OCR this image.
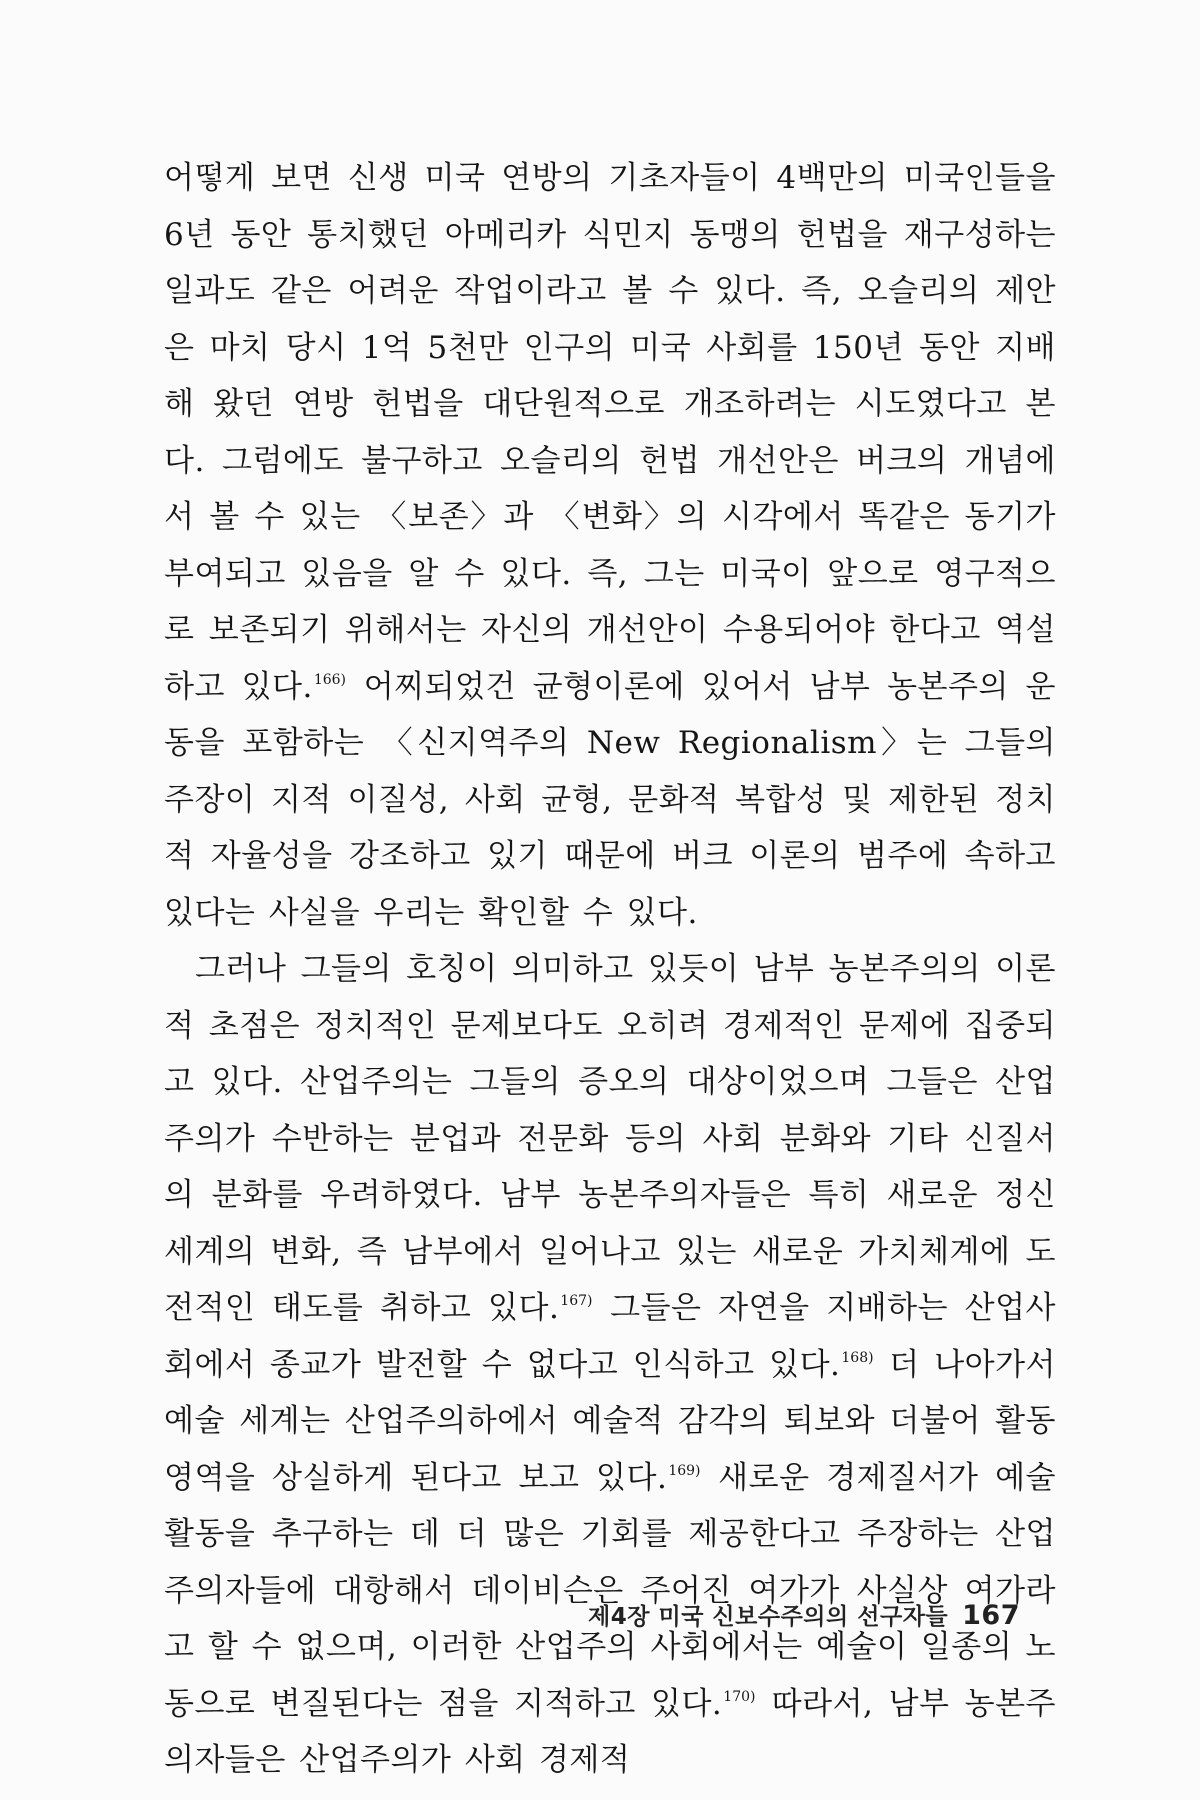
어떻게 보면 신생 미국 연방의 기초자들이 4백만의 미국인들을 6년 동안 통치했던 아메리카 식민지 동맹의 헌법을 재구성하는 일과도 같은 어려운 작업이라고 볼 수 있다. 즉, 오슬리의 제안은 마치 당시 1억 5천만 인구의 미국 사회를 150년 동안 지배해 왔던 연방 헌법을 대단원적으로 개조하려는 시도였다고 본다. 그럼에도 불구하고 오슬리의 헌법 개선안은 버크의 개념에서 볼 수 있는 〈보존〉과 〈변화〉의 시각에서 똑같은 동기가 부여되고 있음을 알 수 있다. 즉, 그는 미국이 앞으로 영구적으로 보존되기 위해서는 자신의 개선안이 수용되어야 한다고 역설하고 있다.$^{166)}$ 어찌되었건 균형이론에 있어서 남부 농본주의 운동을 포함하는 〈신지역주의 New Regionalism〉는 그들의 주장이 지적 이질성, 사회 균형, 문화적 복합성 및 제한된 정치적 자율성을 강조하고 있기 때문에 버크 이론의 범주에 속하고 있다는 사실을 우리는 확인할 수 있다.

그러나 그들의 호칭이 의미하고 있듯이 남부 농본주의의 이론적 초점은 정치적인 문제보다도 오히려 경제적인 문제에 집중되고 있다. 산업주의는 그들의 증오의 대상이었으며 그들은 산업주의가 수반하는 분업과 전문화 등의 사회 분화와 기타 신질서의 분화를 우려하였다. 남부 농본주의자들은 특히 새로운 정신 세계의 변화, 즉 남부에서 일어나고 있는 새로운 가치체계에 도전적인 태도를 취하고 있다.$^{167)}$ 그들은 자연을 지배하는 산업사회에서 종교가 발전할 수 없다고 인식하고 있다.$^{168)}$ 더 나아가서 예술 세계는 산업주의하에서 예술적 감각의 퇴보와 더불어 활동 영역을 상실하게 된다고 보고 있다.$^{169)}$ 새로운 경제질서가 예술 활동을 추구하는 데 더 많은 기회를 제공한다고 주장하는 산업주의자들에 대항해서 데이비슨은 주어진 여가가 사실상 여가라고 할 수 없으며, 이러한 산업주의 사회에서는 예술이 일종의 노동으로 변질된다는 점을 지적하고 있다.$^{170)}$ 따라서, 남부 농본주의자들은 산업주의가 사회 경제적

제4장 미국 신보수주의의 선구자들 167
